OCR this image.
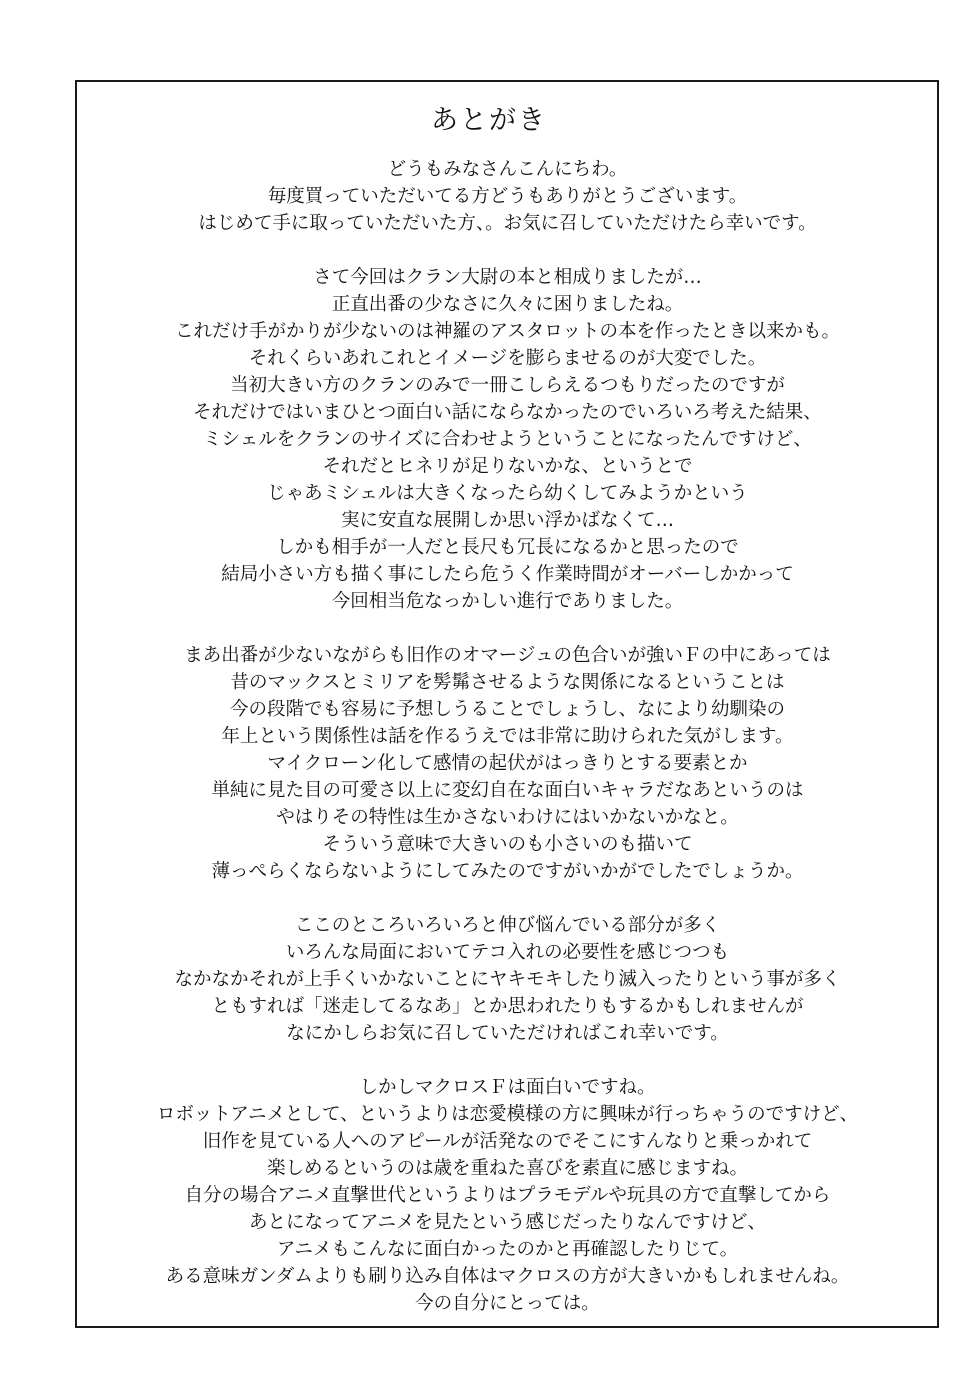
あとがき

どうもみなさんこんにちわ。
毎度買っていただいてる方どうもありがとうございます。
はじめて手に取っていただいた方、。お気に召していただけたら幸いです。

さて今回はクラン大尉の本と相成りましたが…
正直出番の少なさに久々に困りましたね。
これだけ手がかりが少ないのは神羅のアスタロットの本を作ったとき以来かも。
それくらいあれこれとイメージを膨らませるのが大変でした。
当初大きい方のクランのみで一冊こしらえるつもりだったのですが
それだけではいまひとつ面白い話にならなかったのでいろいろ考えた結果、
ミシェルをクランのサイズに合わせようということになったんですけど、
それだとヒネリが足りないかな、というとで
じゃあミシェルは大きくなったら幼くしてみようかという
実に安直な展開しか思い浮かばなくて…
しかも相手が一人だと長尺も冗長になるかと思ったので
結局小さい方も描く事にしたら危うく作業時間がオーバーしかかって
今回相当危なっかしい進行でありました。

まあ出番が少ないながらも旧作のオマージュの色合いが強いＦの中にあっては
昔のマックスとミリアを髣髴させるような関係になるということは
今の段階でも容易に予想しうることでしょうし、なにより幼馴染の
年上という関係性は話を作るうえでは非常に助けられた気がします。
マイクローン化して感情の起伏がはっきりとする要素とか
単純に見た目の可愛さ以上に変幻自在な面白いキャラだなあというのは
やはりその特性は生かさないわけにはいかないかなと。
そういう意味で大きいのも小さいのも描いて
薄っぺらくならないようにしてみたのですがいかがでしたでしょうか。

ここのところいろいろと伸び悩んでいる部分が多く
いろんな局面においてテコ入れの必要性を感じつつも
なかなかそれが上手くいかないことにヤキモキしたり滅入ったりという事が多く
ともすれば「迷走してるなあ」とか思われたりもするかもしれませんが
なにかしらお気に召していただければこれ幸いです。

しかしマクロスＦは面白いですね。
ロボットアニメとして、というよりは恋愛模様の方に興味が行っちゃうのですけど、
旧作を見ている人へのアピールが活発なのでそこにすんなりと乗っかれて
楽しめるというのは歳を重ねた喜びを素直に感じますね。
自分の場合アニメ直撃世代というよりはプラモデルや玩具の方で直撃してから
あとになってアニメを見たという感じだったりなんですけど、
アニメもこんなに面白かったのかと再確認したりじて。
ある意味ガンダムよりも刷り込み自体はマクロスの方が大きいかもしれませんね。
今の自分にとっては。
